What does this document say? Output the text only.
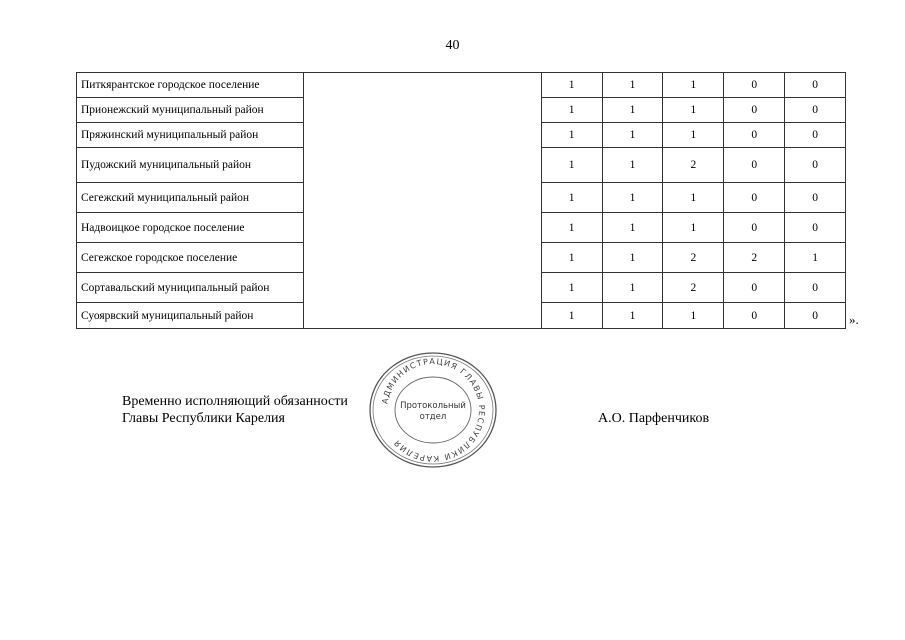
40
Питкярантское городское поселение		1	1	1	0	0
Прионежский муниципальный район		1	1	1	0	0
Пряжинский муниципальный район		1	1	1	0	0
Пудожский муниципальный район		1	1	2	0	0
Сегежский муниципальный район		1	1	1	0	0
Надвоицкое городское поселение		1	1	1	0	0
Сегежское городское поселение		1	1	2	2	1
Сортавальский муниципальный район		1	1	2	0	0
Суоярвский муниципальный район		1	1	1	0	0 ».
Временно исполняющий обязанности
Главы Республики Карелия	А.О. Парфенчиков
АДМИНИСТРАЦИЯ ГЛАВЫ РЕСПУБЛИКИ КАРЕЛИЯ
Протокольный
отдел
